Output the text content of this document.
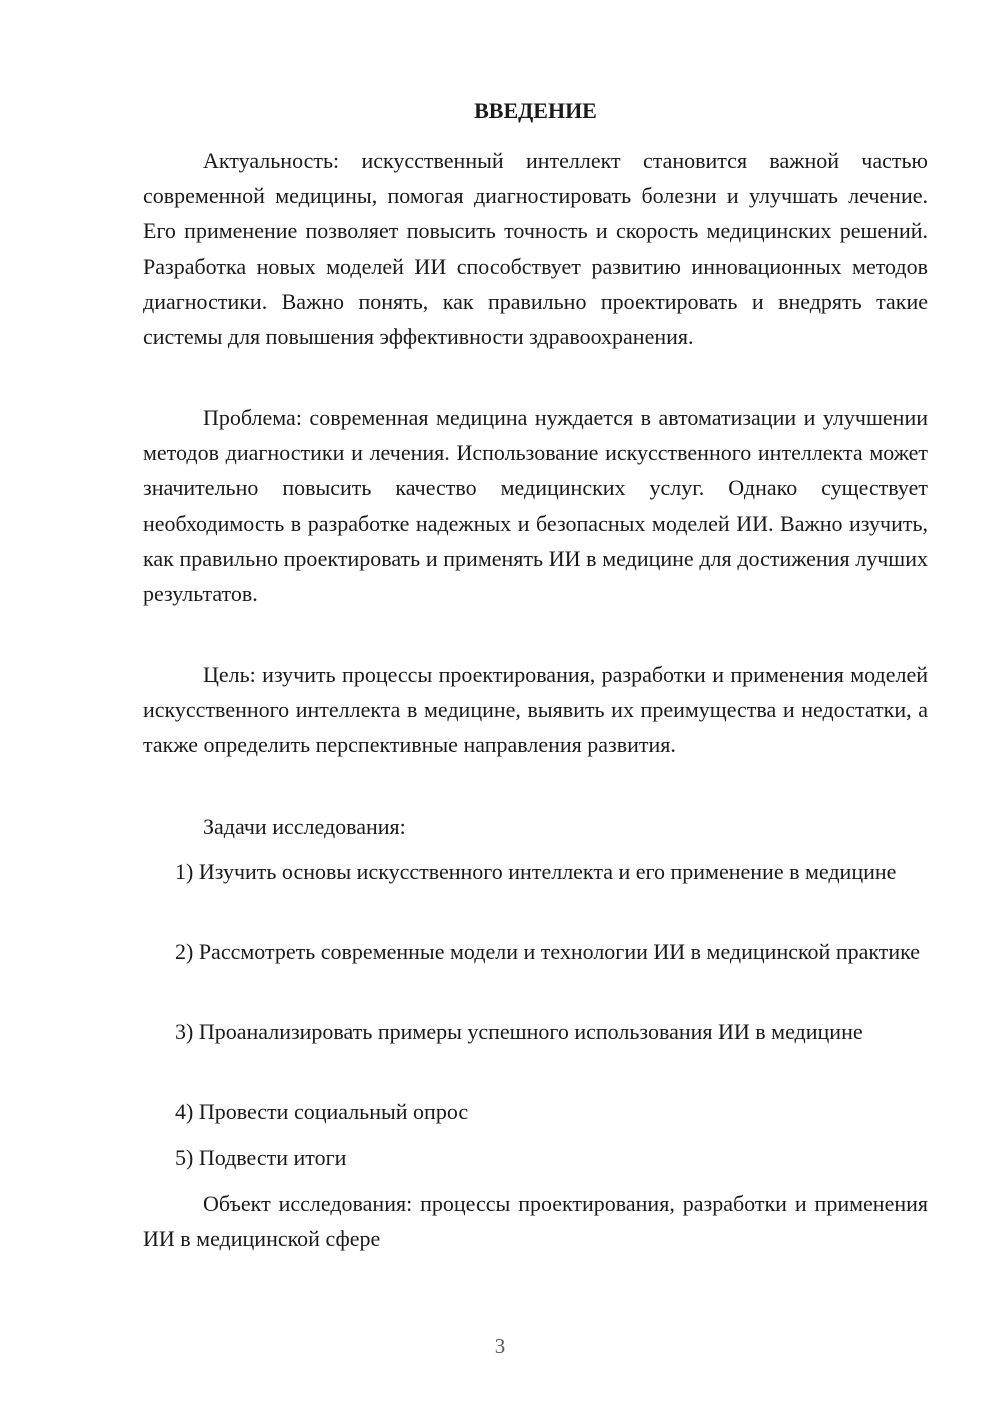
ВВЕДЕНИЕ

Актуальность: искусственный интеллект становится важной частью современной медицины, помогая диагностировать болезни и улучшать лечение. Его применение позволяет повысить точность и скорость медицинских решений. Разработка новых моделей ИИ способствует развитию инновационных методов диагностики. Важно понять, как правильно проектировать и внедрять такие системы для повышения эффективности здравоохранения.

Проблема: современная медицина нуждается в автоматизации и улучшении методов диагностики и лечения. Использование искусственного интеллекта может значительно повысить качество медицинских услуг. Однако существует необходимость в разработке надежных и безопасных моделей ИИ. Важно изучить, как правильно проектировать и применять ИИ в медицине для достижения лучших результатов.

Цель: изучить процессы проектирования, разработки и применения моделей искусственного интеллекта в медицине, выявить их преимущества и недостатки, а также определить перспективные направления развития.

Задачи исследования:

1) Изучить основы искусственного интеллекта и его применение в медицине

2) Рассмотреть современные модели и технологии ИИ в медицинской практике

3) Проанализировать примеры успешного использования ИИ в медицине

4) Провести социальный опрос

5) Подвести итоги

Объект исследования: процессы проектирования, разработки и применения ИИ в медицинской сфере

3
